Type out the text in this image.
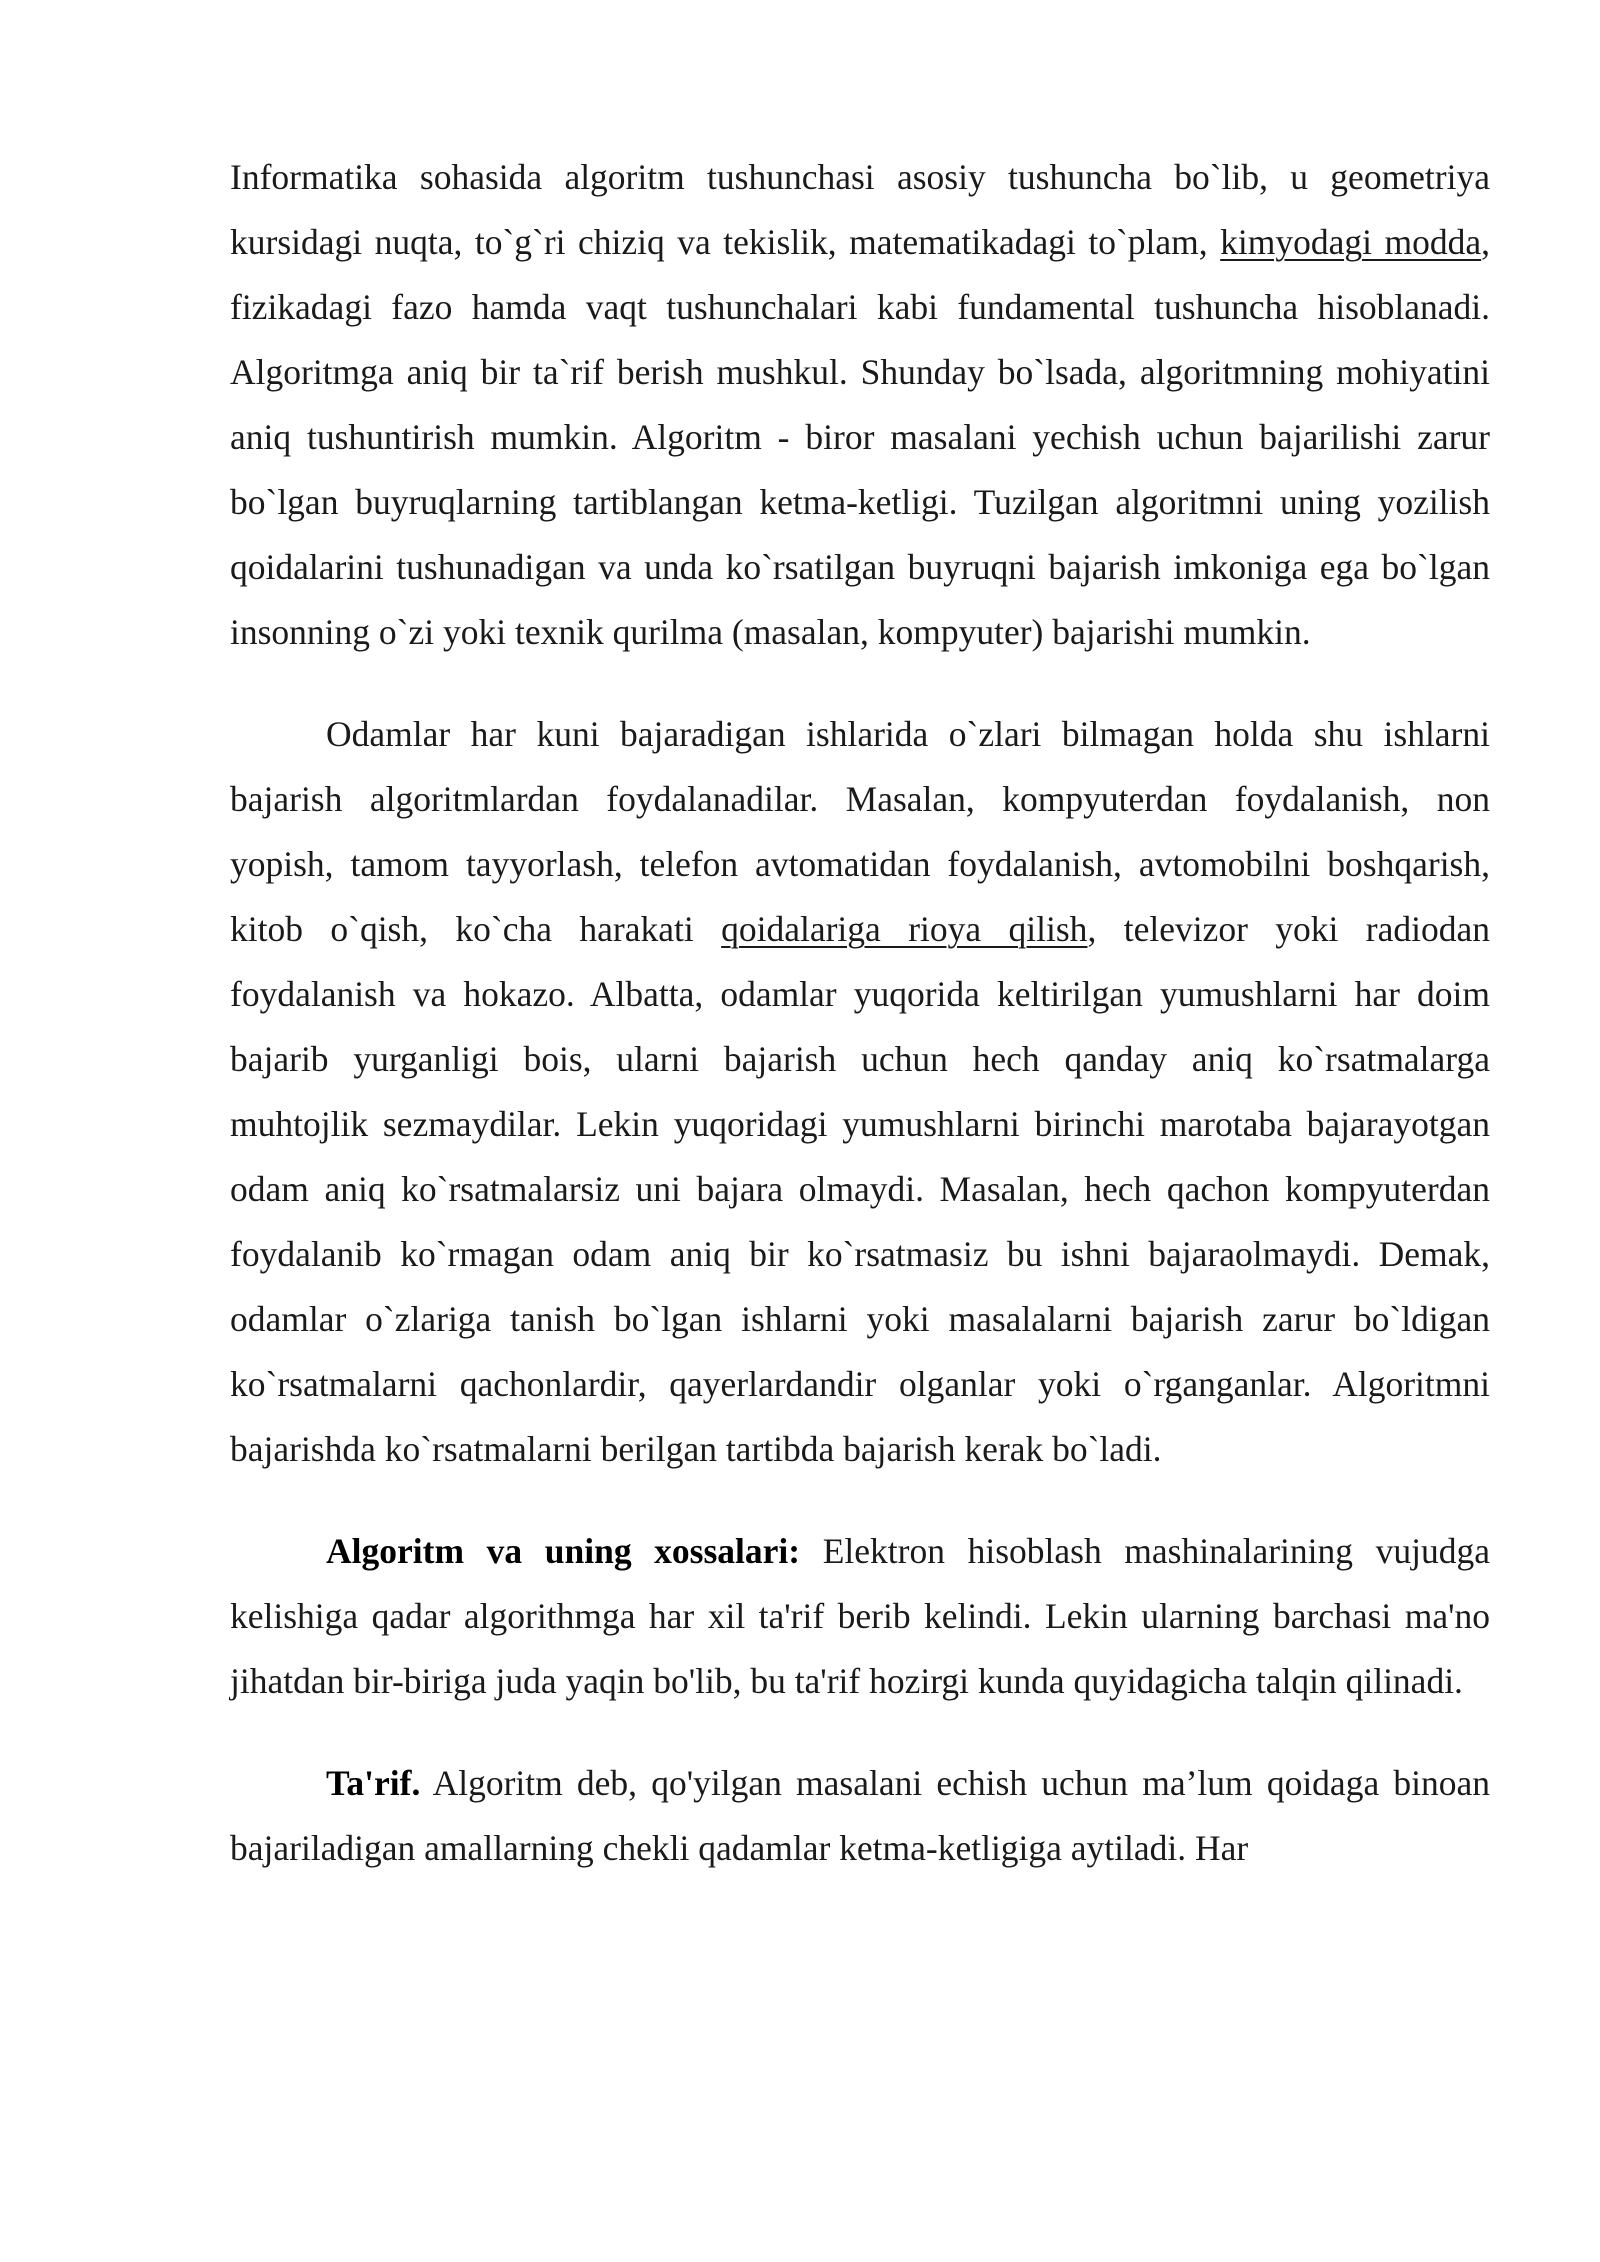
Informatika sohasida algoritm tushunchasi asosiy tushuncha bo`lib, u geometriya kursidagi nuqta, to`g`ri chiziq va tekislik, matematikadagi to`plam, kimyodagi modda, fizikadagi fazo hamda vaqt tushunchalari kabi fundamental tushuncha hisoblanadi. Algoritmga aniq bir ta`rif berish mushkul. Shunday bo`lsada, algoritmning mohiyatini aniq tushuntirish mumkin. Algoritm - biror masalani yechish uchun bajarilishi zarur bo`lgan buyruqlarning tartiblangan ketma-ketligi. Tuzilgan algoritmni uning yozilish qoidalarini tushunadigan va unda ko`rsatilgan buyruqni bajarish imkoniga ega bo`lgan insonning o`zi yoki texnik qurilma (masalan, kompyuter) bajarishi mumkin.

Odamlar har kuni bajaradigan ishlarida o`zlari bilmagan holda shu ishlarni bajarish algoritmlardan foydalanadilar. Masalan, kompyuterdan foydalanish, non yopish, tamom tayyorlash, telefon avtomatidan foydalanish, avtomobilni boshqarish, kitob o`qish, ko`cha harakati qoidalariga rioya qilish, televizor yoki radiodan foydalanish va hokazo. Albatta, odamlar yuqorida keltirilgan yumushlarni har doim bajarib yurganligi bois, ularni bajarish uchun hech qanday aniq ko`rsatmalarga muhtojlik sezmaydilar. Lekin yuqoridagi yumushlarni birinchi marotaba bajarayotgan odam aniq ko`rsatmalarsiz uni bajara olmaydi. Masalan, hech qachon kompyuterdan foydalanib ko`rmagan odam aniq bir ko`rsatmasiz bu ishni bajaraolmaydi. Demak, odamlar o`zlariga tanish bo`lgan ishlarni yoki masalalarni bajarish zarur bo`ldigan ko`rsatmalarni qachonlardir, qayerlardandir olganlar yoki o`rganganlar. Algoritmni bajarishda ko`rsatmalarni berilgan tartibda bajarish kerak bo`ladi.

Algoritm va uning xossalari: Elektron hisoblash mashinalarining vujudga kelishiga qadar algorithmga har xil ta'rif berib kelindi. Lekin ularning barchasi ma'no jihatdan bir-biriga juda yaqin bo'lib, bu ta'rif hozirgi kunda quyidagicha talqin qilinadi.

Ta'rif. Algoritm deb, qo'yilgan masalani echish uchun ma’lum qoidaga binoan bajariladigan amallarning chekli qadamlar ketma-ketligiga aytiladi. Har
